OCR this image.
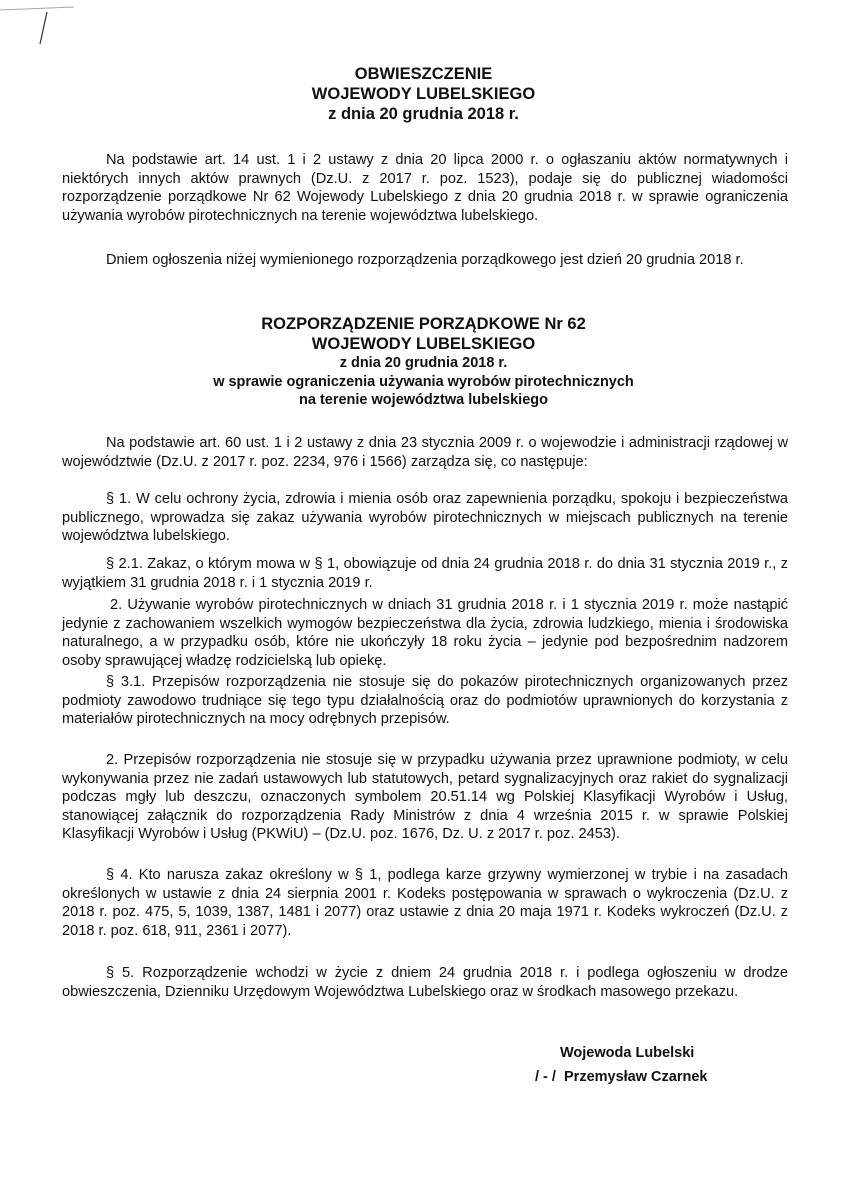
OBWIESZCZENIE
WOJEWODY LUBELSKIEGO
z dnia 20 grudnia 2018 r.

Na podstawie art. 14 ust. 1 i 2 ustawy z dnia 20 lipca 2000 r. o ogłaszaniu aktów normatywnych i niektórych innych aktów prawnych (Dz.U. z 2017 r. poz. 1523), podaje się do publicznej wiadomości rozporządzenie porządkowe Nr 62 Wojewody Lubelskiego z dnia 20 grudnia 2018 r. w sprawie ograniczenia używania wyrobów pirotechnicznych na terenie województwa lubelskiego.

Dniem ogłoszenia niżej wymienionego rozporządzenia porządkowego jest dzień 20 grudnia 2018 r.

ROZPORZĄDZENIE PORZĄDKOWE Nr 62
WOJEWODY LUBELSKIEGO
z dnia 20 grudnia 2018 r.
w sprawie ograniczenia używania wyrobów pirotechnicznych
na terenie województwa lubelskiego

Na podstawie art. 60 ust. 1 i 2 ustawy z dnia 23 stycznia 2009 r. o wojewodzie i administracji rządowej w województwie (Dz.U. z 2017 r. poz. 2234, 976 i 1566) zarządza się, co następuje:

§ 1. W celu ochrony życia, zdrowia i mienia osób oraz zapewnienia porządku, spokoju i bezpieczeństwa publicznego, wprowadza się zakaz używania wyrobów pirotechnicznych w miejscach publicznych na terenie województwa lubelskiego.

§ 2.1. Zakaz, o którym mowa w § 1, obowiązuje od dnia 24 grudnia 2018 r. do dnia 31 stycznia 2019 r., z wyjątkiem 31 grudnia 2018 r. i 1 stycznia 2019 r.

2. Używanie wyrobów pirotechnicznych w dniach 31 grudnia 2018 r. i 1 stycznia 2019 r. może nastąpić jedynie z zachowaniem wszelkich wymogów bezpieczeństwa dla życia, zdrowia ludzkiego, mienia i środowiska naturalnego, a w przypadku osób, które nie ukończyły 18 roku życia – jedynie pod bezpośrednim nadzorem osoby sprawującej władzę rodzicielską lub opiekę.

§ 3.1. Przepisów rozporządzenia nie stosuje się do pokazów pirotechnicznych organizowanych przez podmioty zawodowo trudniące się tego typu działalnością oraz do podmiotów uprawnionych do korzystania z materiałów pirotechnicznych na mocy odrębnych przepisów.

2. Przepisów rozporządzenia nie stosuje się w przypadku używania przez uprawnione podmioty, w celu wykonywania przez nie zadań ustawowych lub statutowych, petard sygnalizacyjnych oraz rakiet do sygnalizacji podczas mgły lub deszczu, oznaczonych symbolem 20.51.14 wg Polskiej Klasyfikacji Wyrobów i Usług, stanowiącej załącznik do rozporządzenia Rady Ministrów z dnia 4 września 2015 r. w sprawie Polskiej Klasyfikacji Wyrobów i Usług (PKWiU) – (Dz.U. poz. 1676, Dz. U. z 2017 r. poz. 2453).

§ 4. Kto narusza zakaz określony w § 1, podlega karze grzywny wymierzonej w trybie i na zasadach określonych w ustawie z dnia 24 sierpnia 2001 r. Kodeks postępowania w sprawach o wykroczenia (Dz.U. z 2018 r. poz. 475, 5, 1039, 1387, 1481 i 2077) oraz ustawie z dnia 20 maja 1971 r. Kodeks wykroczeń (Dz.U. z 2018 r. poz. 618, 911, 2361 i 2077).

§ 5. Rozporządzenie wchodzi w życie z dniem 24 grudnia 2018 r. i podlega ogłoszeniu w drodze obwieszczenia, Dzienniku Urzędowym Województwa Lubelskiego oraz w środkach masowego przekazu.

Wojewoda Lubelski
/ - /  Przemysław Czarnek
